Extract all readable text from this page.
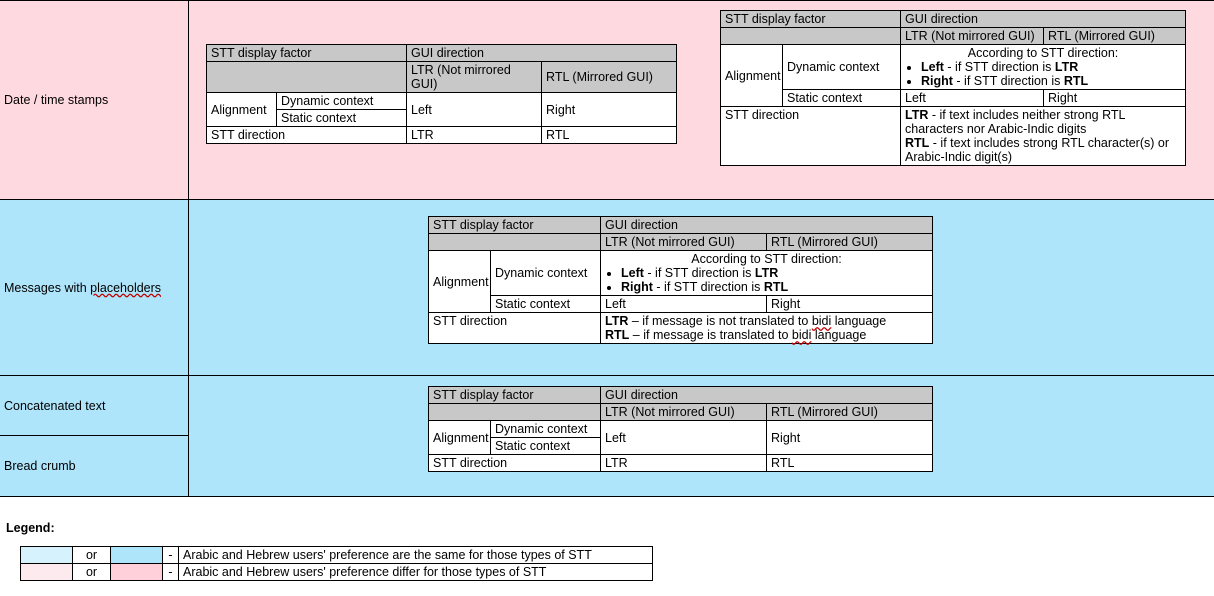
Date / time stamps
STT display factor		GUI direction	
		LTR (Not mirrored GUI)	RTL (Mirrored GUI)
Alignment	Dynamic context	Left	Right
	Static context		
STT direction		LTR	RTL
STT display factor		GUI direction	
		LTR (Not mirrored GUI)	RTL (Mirrored GUI)
Alignment	Dynamic context	
According to STT direction:
• Left - if STT direction is LTR
• Right - if STT direction is RTL

	Static context	Left	Right
STT direction		LTR - if text includes neither strong RTL characters nor Arabic-Indic digits
RTL - if text includes strong RTL character(s) or Arabic-Indic digit(s)	
Messages with placeholders
STT display factor		GUI direction	
		LTR (Not mirrored GUI)	RTL (Mirrored GUI)
Alignment	Dynamic context	
According to STT direction:
• Left - if STT direction is LTR
• Right - if STT direction is RTL

	Static context	Left	Right
STT direction		LTR – if message is not translated to bidi language
RTL – if message is translated to bidi language	
Concatenated text
Bread crumb
STT display factor		GUI direction	
		LTR (Not mirrored GUI)	RTL (Mirrored GUI)
Alignment	Dynamic context	Left	Right
	Static context		
STT direction		LTR	RTL
Legend:
	or		-	Arabic and Hebrew users' preference are the same for those types of STT
	or		-	Arabic and Hebrew users' preference differ for those types of STT
